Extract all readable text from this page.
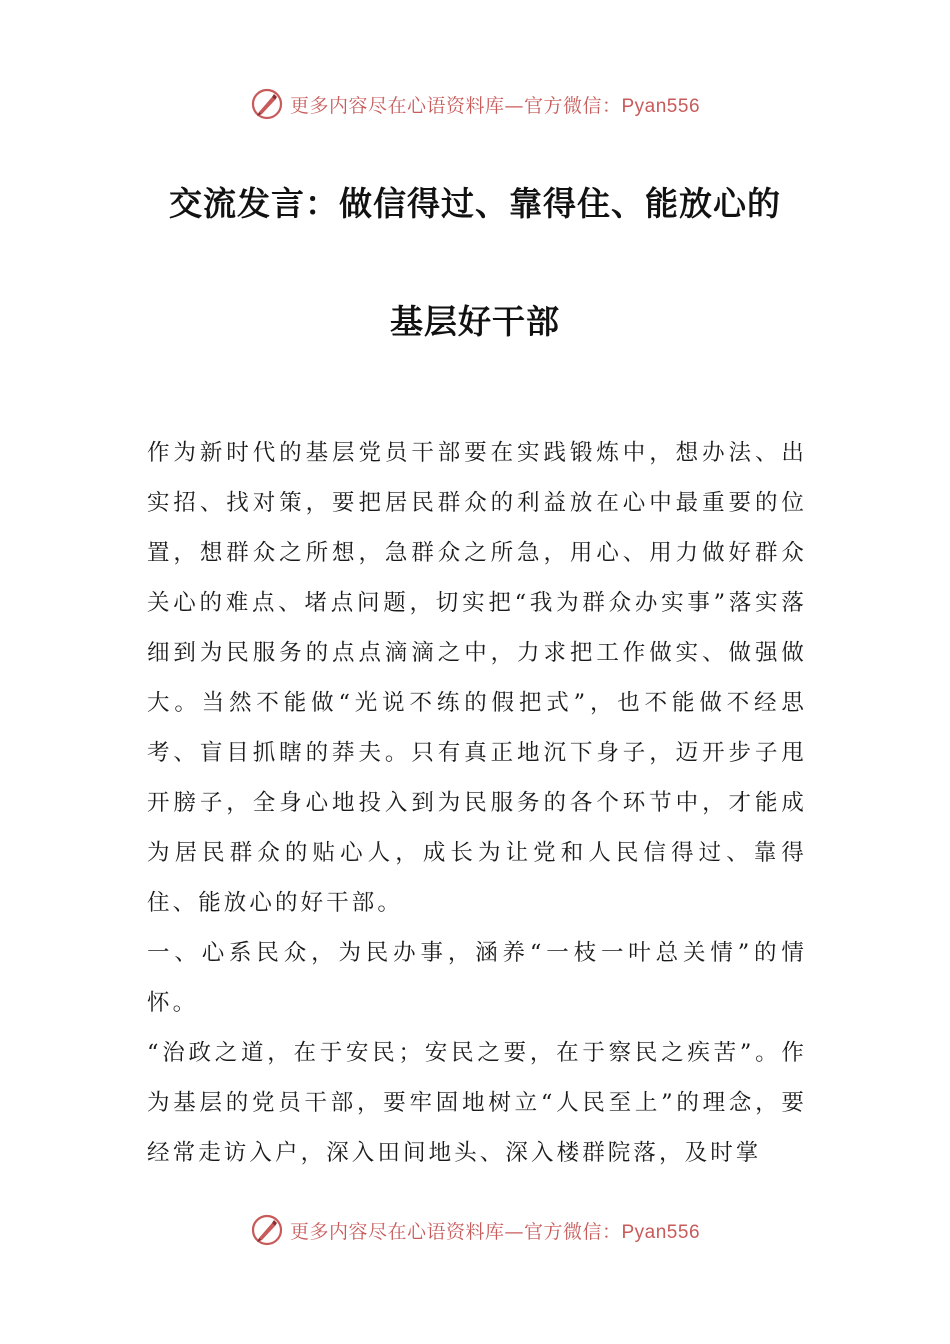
更多内容尽在心语资料库—官方微信：Pyan556
交流发言：做信得过、靠得住、能放心的
基层好干部

作为新时代的基层党员干部要在实践锻炼中，想办法、出实招、找对策，要把居民群众的利益放在心中最重要的位置，想群众之所想，急群众之所急，用心、用力做好群众关心的难点、堵点问题，切实把“我为群众办实事”落实落细到为民服务的点点滴滴之中，力求把工作做实、做强做大。当然不能做“光说不练的假把式”，也不能做不经思考、盲目抓瞎的莽夫。只有真正地沉下身子，迈开步子甩开膀子，全身心地投入到为民服务的各个环节中，才能成为居民群众的贴心人，成长为让党和人民信得过、靠得住、能放心的好干部。

一、心系民众，为民办事，涵养“一枝一叶总关情”的情怀。

“治政之道，在于安民；安民之要，在于察民之疾苦”。作为基层的党员干部，要牢固地树立“人民至上”的理念，要经常走访入户，深入田间地头、深入楼群院落，及时掌

更多内容尽在心语资料库—官方微信：Pyan556
